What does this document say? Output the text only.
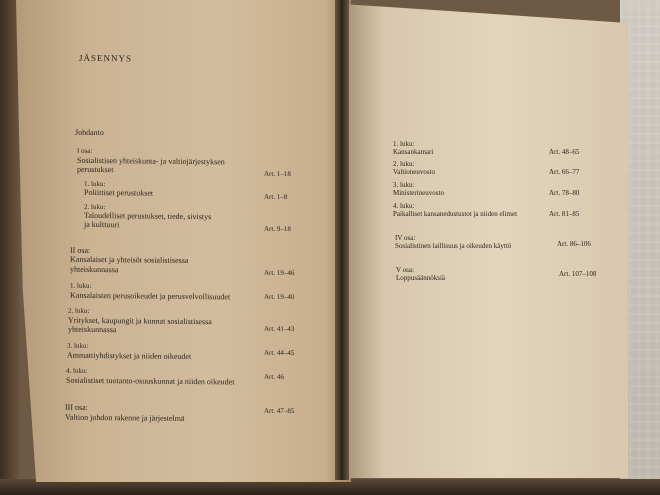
JÄSENNYS
Johdanto
I osa:
Sosialistisen yhteiskunta- ja valtiojärjestyksen
perustukset	Art. 1–18
1. luku:
Poliittiset perustukset	Art. 1–8
2. luku:
Taloudelliset perustukset, tiede, sivistys
ja kulttuuri	Art. 9–18
II osa:
Kansalaiset ja yhteisöt sosialistisessa
yhteiskunnassa	Art. 19–46
1. luku:
Kansalaisten perusoikeudet ja perusvelvollisuudet	Art. 19–40
2. luku:
Yritykset, kaupungit ja kunnat sosialistisessa
yhteiskunnassa	Art. 41–43
3. luku:
Ammattiyhdistykset ja niiden oikeudet	Art. 44–45
4. luku:
Sosialistiset tuotanto-osuuskunnat ja niiden oikeudet	Art. 46
III osa:
Valtion johdon rakenne ja järjestelmä
Art. 47–85
1. luku:
Kansankamari	Art. 48–65
2. luku:
Valtioneuvosto	Art. 66–77
3. luku:
Ministerineuvosto	Art. 78–80
4. luku:
Paikalliset kansanedustustot ja niiden elimet	Art. 81–85
IV osa:
Sosialistinen laillisuus ja oikeuden käyttö	Art. 86–106
V osa:
Loppusäännöksiä	Art. 107–108
